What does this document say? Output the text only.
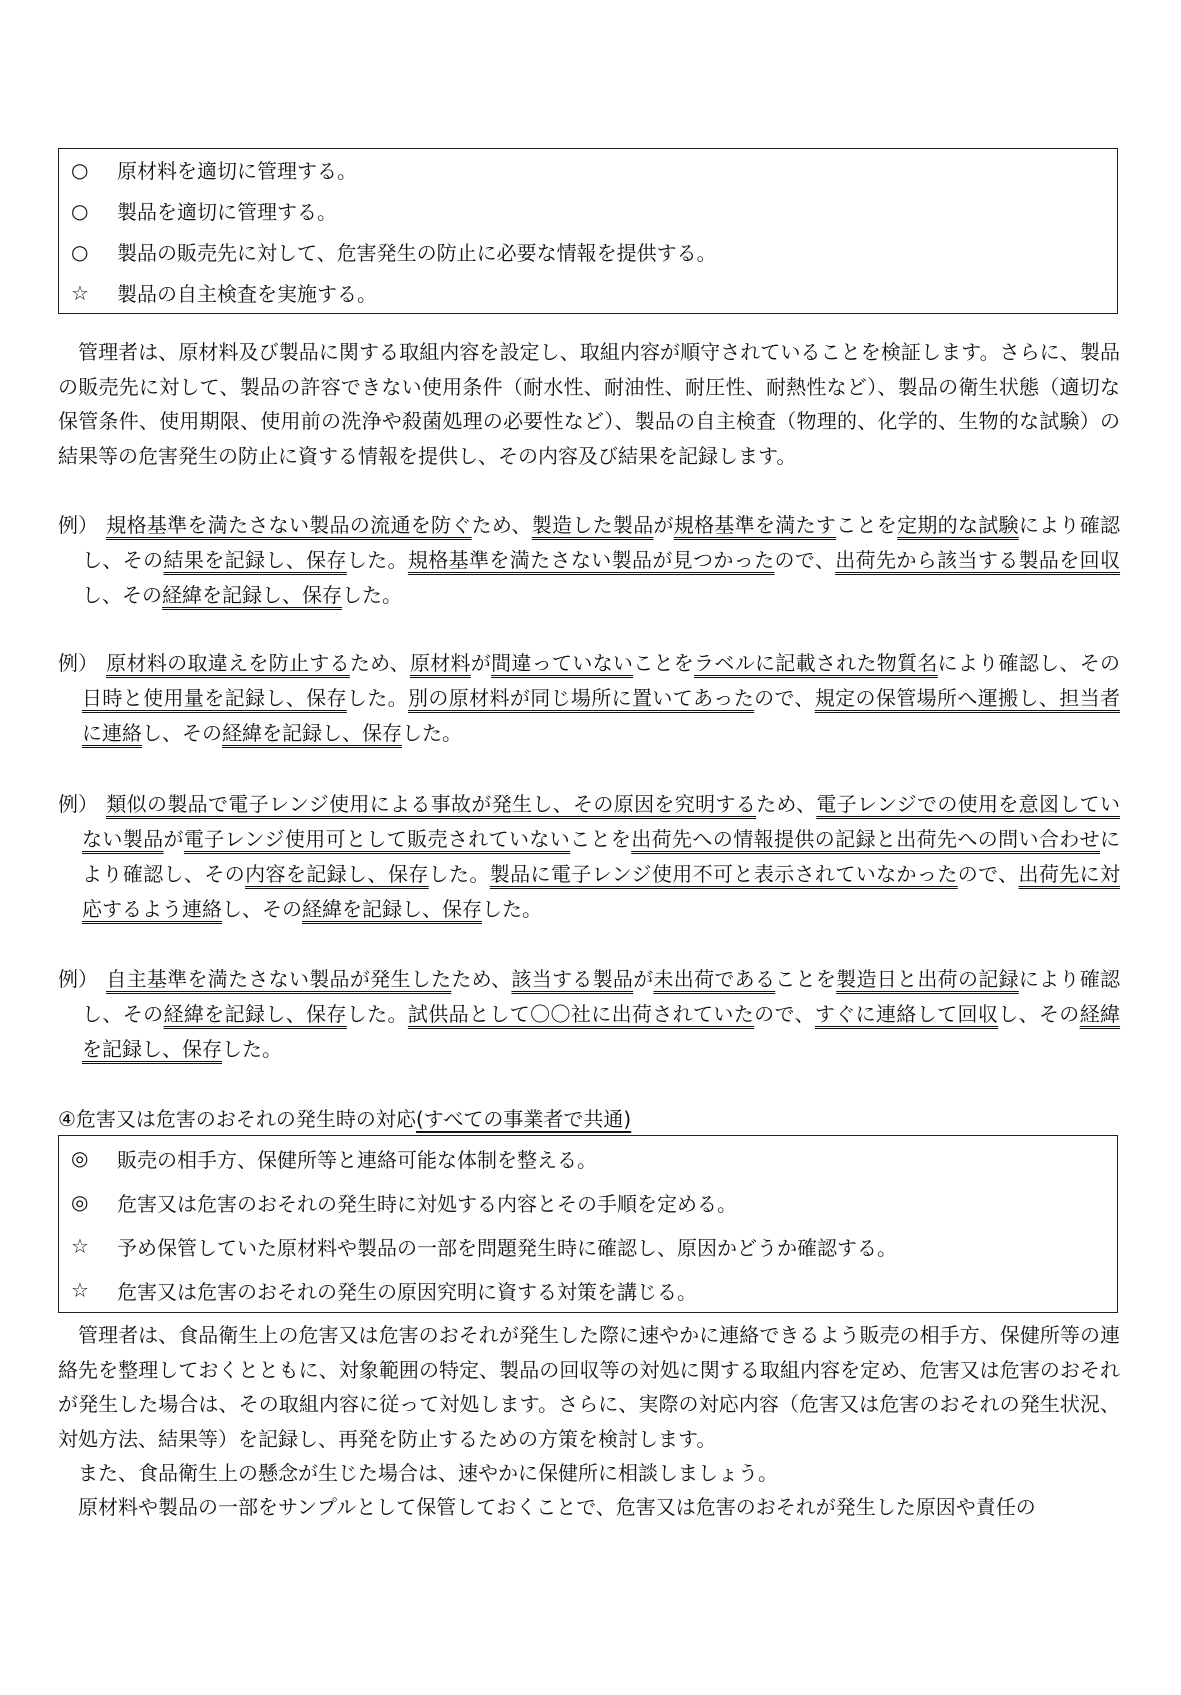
○	原材料を適切に管理する。
○	製品を適切に管理する。
○	製品の販売先に対して、危害発生の防止に必要な情報を提供する。
☆	製品の自主検査を実施する。

管理者は、原材料及び製品に関する取組内容を設定し、取組内容が順守されていることを検証します。さらに、製品の販売先に対して、製品の許容できない使用条件（耐水性、耐油性、耐圧性、耐熱性など）、製品の衛生状態（適切な保管条件、使用期限、使用前の洗浄や殺菌処理の必要性など）、製品の自主検査（物理的、化学的、生物的な試験）の結果等の危害発生の防止に資する情報を提供し、その内容及び結果を記録します。

例） 規格基準を満たさない製品の流通を防ぐため、製造した製品が規格基準を満たすことを定期的な試験により確認し、その結果を記録し、保存した。規格基準を満たさない製品が見つかったので、出荷先から該当する製品を回収し、その経緯を記録し、保存した。

例） 原材料の取違えを防止するため、原材料が間違っていないことをラベルに記載された物質名により確認し、その日時と使用量を記録し、保存した。別の原材料が同じ場所に置いてあったので、規定の保管場所へ運搬し、担当者に連絡し、その経緯を記録し、保存した。

例） 類似の製品で電子レンジ使用による事故が発生し、その原因を究明するため、電子レンジでの使用を意図していない製品が電子レンジ使用可として販売されていないことを出荷先への情報提供の記録と出荷先への問い合わせにより確認し、その内容を記録し、保存した。製品に電子レンジ使用不可と表示されていなかったので、出荷先に対応するよう連絡し、その経緯を記録し、保存した。

例） 自主基準を満たさない製品が発生したため、該当する製品が未出荷であることを製造日と出荷の記録により確認し、その経緯を記録し、保存した。試供品として〇〇社に出荷されていたので、すぐに連絡して回収し、その経緯を記録し、保存した。

④危害又は危害のおそれの発生時の対応(すべての事業者で共通)
◎	販売の相手方、保健所等と連絡可能な体制を整える。
◎	危害又は危害のおそれの発生時に対処する内容とその手順を定める。
☆	予め保管していた原材料や製品の一部を問題発生時に確認し、原因かどうか確認する。
☆	危害又は危害のおそれの発生の原因究明に資する対策を講じる。

管理者は、食品衛生上の危害又は危害のおそれが発生した際に速やかに連絡できるよう販売の相手方、保健所等の連絡先を整理しておくとともに、対象範囲の特定、製品の回収等の対処に関する取組内容を定め、危害又は危害のおそれが発生した場合は、その取組内容に従って対処します。さらに、実際の対応内容（危害又は危害のおそれの発生状況、対処方法、結果等）を記録し、再発を防止するための方策を検討します。

また、食品衛生上の懸念が生じた場合は、速やかに保健所に相談しましょう。

原材料や製品の一部をサンプルとして保管しておくことで、危害又は危害のおそれが発生した原因や責任の
